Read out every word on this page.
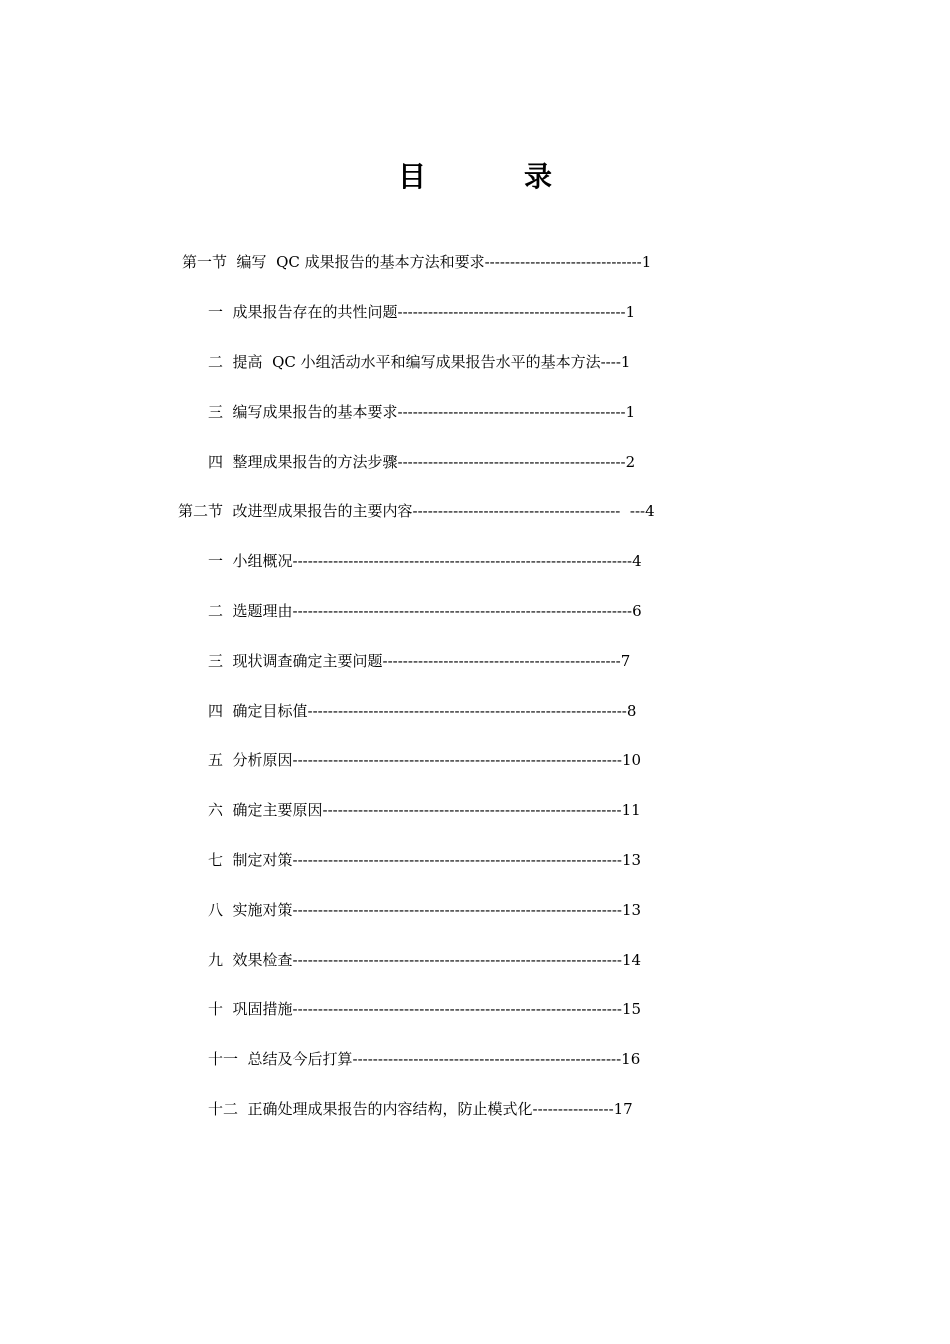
目	录
第一节  编写  QC 成果报告的基本方法和要求-------------------------------1
一  成果报告存在的共性问题---------------------------------------------1
二  提高  QC 小组活动水平和编写成果报告水平的基本方法----1
三  编写成果报告的基本要求---------------------------------------------1
四  整理成果报告的方法步骤---------------------------------------------2
第二节  改进型成果报告的主要内容-----------------------------------------  ---4
一  小组概况-------------------------------------------------------------------4
二  选题理由-------------------------------------------------------------------6
三  现状调查确定主要问题-----------------------------------------------7
四  确定目标值---------------------------------------------------------------8
五  分析原因-----------------------------------------------------------------10
六  确定主要原因-----------------------------------------------------------11
七  制定对策-----------------------------------------------------------------13
八  实施对策-----------------------------------------------------------------13
九  效果检查-----------------------------------------------------------------14
十  巩固措施-----------------------------------------------------------------15
十一  总结及今后打算-----------------------------------------------------16
十二  正确处理成果报告的内容结构，防止模式化----------------17
